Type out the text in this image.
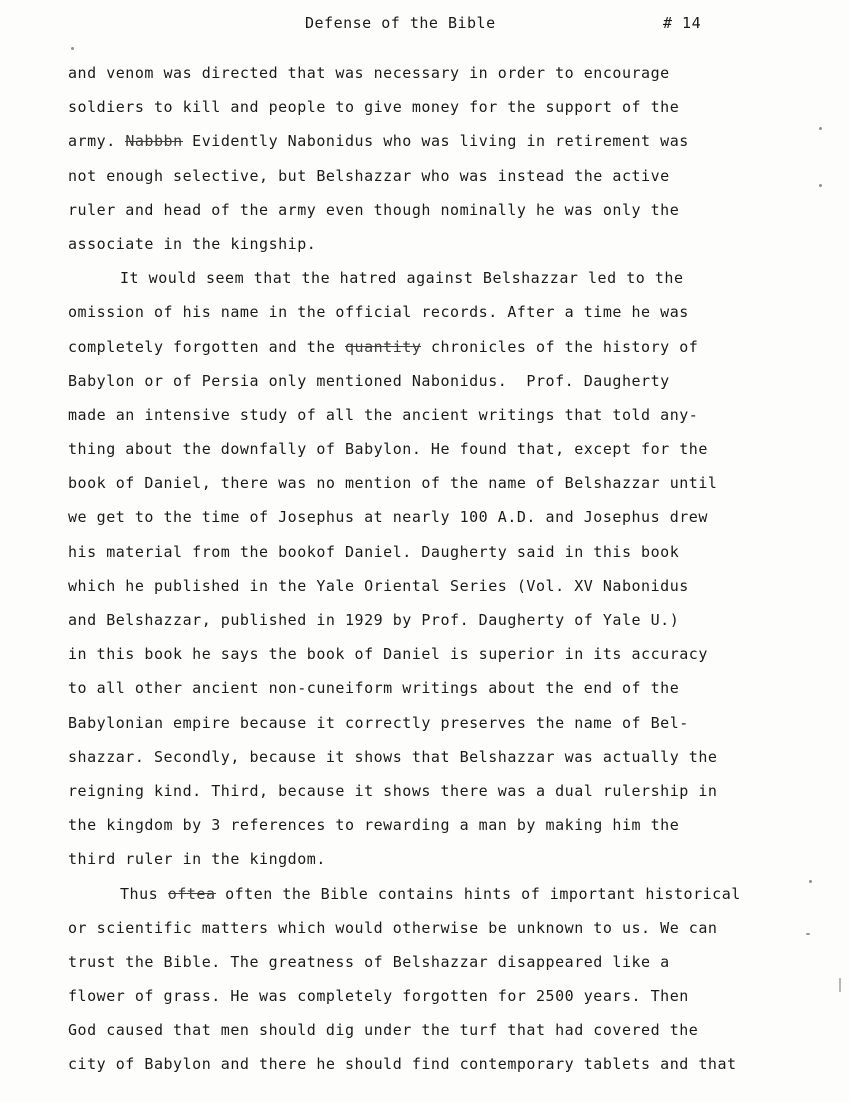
Defense of the Bible	# 14
and venom was directed that was necessary in order to encourage
soldiers to kill and people to give money for the support of the
army. Nabbbn Evidently Nabonidus who was living in retirement was
not enough selective, but Belshazzar who was instead the active
ruler and head of the army even though nominally he was only the
associate in the kingship.
It would seem that the hatred against Belshazzar led to the
omission of his name in the official records. After a time he was
completely forgotten and the quantity chronicles of the history of
Babylon or of Persia only mentioned Nabonidus.  Prof. Daugherty
made an intensive study of all the ancient writings that told any-
thing about the downfally of Babylon. He found that, except for the
book of Daniel, there was no mention of the name of Belshazzar until
we get to the time of Josephus at nearly 100 A.D. and Josephus drew
his material from the bookof Daniel. Daugherty said in this book
which he published in the Yale Oriental Series (Vol. XV Nabonidus
and Belshazzar, published in 1929 by Prof. Daugherty of Yale U.)
in this book he says the book of Daniel is superior in its accuracy
to all other ancient non-cuneiform writings about the end of the
Babylonian empire because it correctly preserves the name of Bel-
shazzar. Secondly, because it shows that Belshazzar was actually the
reigning kind. Third, because it shows there was a dual rulership in
the kingdom by 3 references to rewarding a man by making him the
third ruler in the kingdom.
Thus oftea often the Bible contains hints of important historical
or scientific matters which would otherwise be unknown to us. We can
trust the Bible. The greatness of Belshazzar disappeared like a
flower of grass. He was completely forgotten for 2500 years. Then
God caused that men should dig under the turf that had covered the
city of Babylon and there he should find contemporary tablets and that
